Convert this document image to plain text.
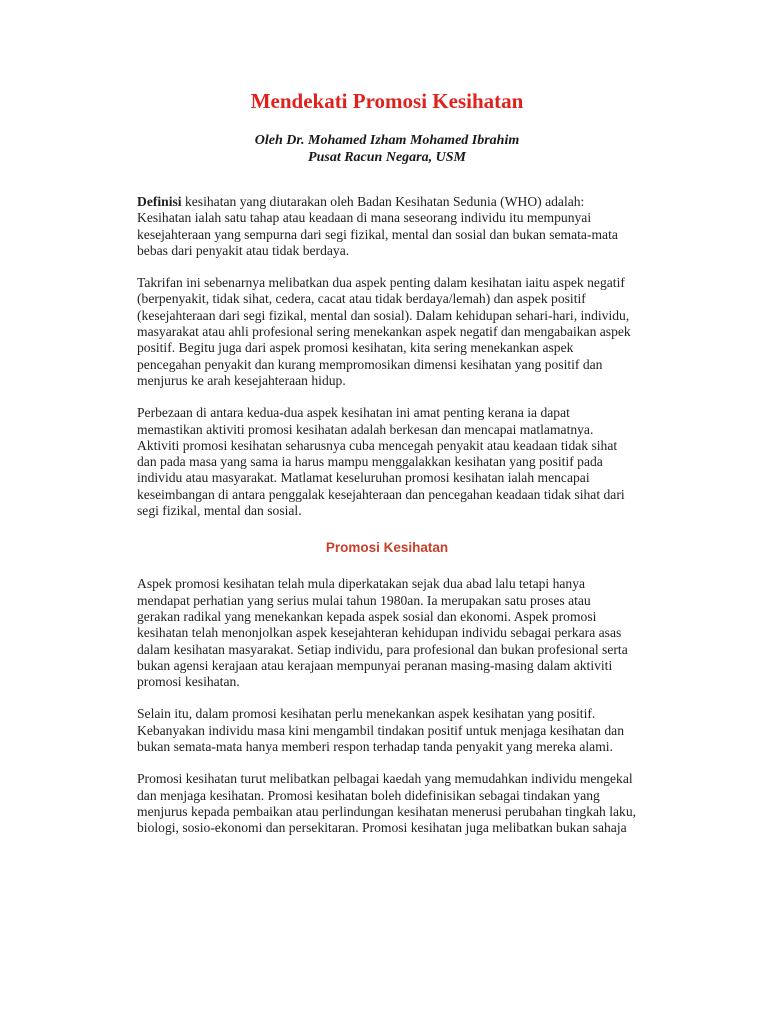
Mendekati Promosi Kesihatan
Oleh Dr. Mohamed Izham Mohamed Ibrahim
Pusat Racun Negara, USM

Definisi kesihatan yang diutarakan oleh Badan Kesihatan Sedunia (WHO) adalah: Kesihatan ialah satu tahap atau keadaan di mana seseorang individu itu mempunyai kesejahteraan yang sempurna dari segi fizikal, mental dan sosial dan bukan semata-mata bebas dari penyakit atau tidak berdaya.

Takrifan ini sebenarnya melibatkan dua aspek penting dalam kesihatan iaitu aspek negatif (berpenyakit, tidak sihat, cedera, cacat atau tidak berdaya/lemah) dan aspek positif (kesejahteraan dari segi fizikal, mental dan sosial). Dalam kehidupan sehari-hari, individu, masyarakat atau ahli profesional sering menekankan aspek negatif dan mengabaikan aspek positif. Begitu juga dari aspek promosi kesihatan, kita sering menekankan aspek pencegahan penyakit dan kurang mempromosikan dimensi kesihatan yang positif dan menjurus ke arah kesejahteraan hidup.

Perbezaan di antara kedua-dua aspek kesihatan ini amat penting kerana ia dapat memastikan aktiviti promosi kesihatan adalah berkesan dan mencapai matlamatnya. Aktiviti promosi kesihatan seharusnya cuba mencegah penyakit atau keadaan tidak sihat dan pada masa yang sama ia harus mampu menggalakkan kesihatan yang positif pada individu atau masyarakat. Matlamat keseluruhan promosi kesihatan ialah mencapai keseimbangan di antara penggalak kesejahteraan dan pencegahan keadaan tidak sihat dari segi fizikal, mental dan sosial.

Promosi Kesihatan

Aspek promosi kesihatan telah mula diperkatakan sejak dua abad lalu tetapi hanya mendapat perhatian yang serius mulai tahun 1980an. Ia merupakan satu proses atau gerakan radikal yang menekankan kepada aspek sosial dan ekonomi. Aspek promosi kesihatan telah menonjolkan aspek kesejahteran kehidupan individu sebagai perkara asas dalam kesihatan masyarakat. Setiap individu, para profesional dan bukan profesional serta bukan agensi kerajaan atau kerajaan mempunyai peranan masing-masing dalam aktiviti promosi kesihatan.

Selain itu, dalam promosi kesihatan perlu menekankan aspek kesihatan yang positif. Kebanyakan individu masa kini mengambil tindakan positif untuk menjaga kesihatan dan bukan semata-mata hanya memberi respon terhadap tanda penyakit yang mereka alami.

Promosi kesihatan turut melibatkan pelbagai kaedah yang memudahkan individu mengekal dan menjaga kesihatan. Promosi kesihatan boleh didefinisikan sebagai tindakan yang menjurus kepada pembaikan atau perlindungan kesihatan menerusi perubahan tingkah laku, biologi, sosio-ekonomi dan persekitaran. Promosi kesihatan juga melibatkan bukan sahaja
